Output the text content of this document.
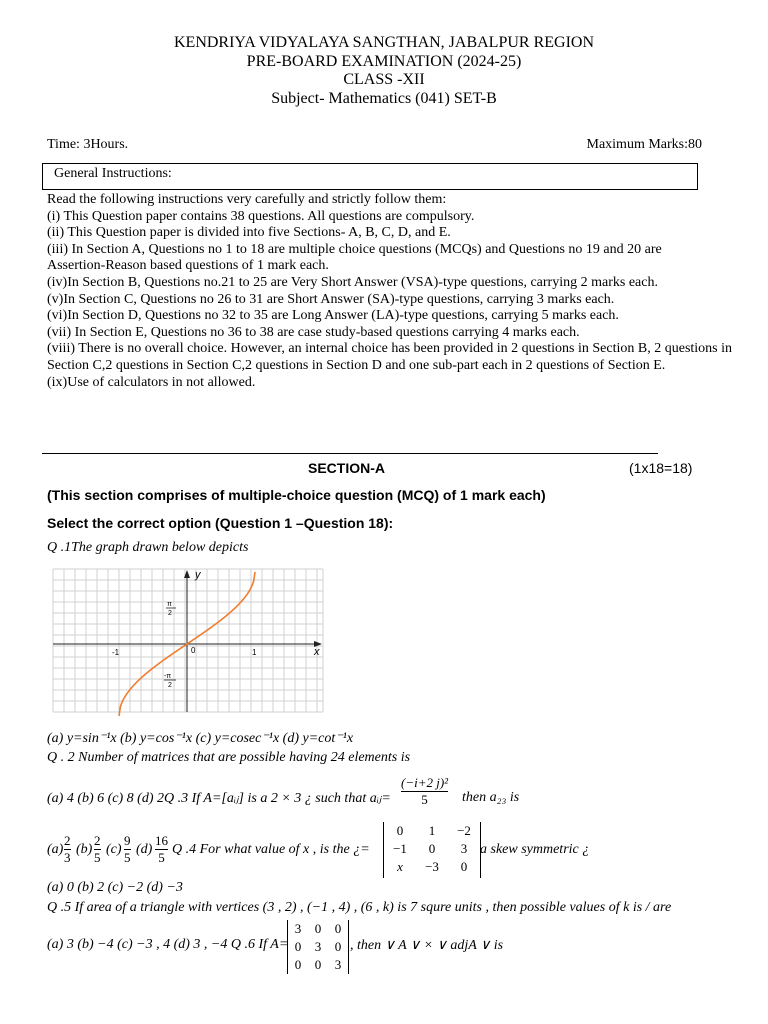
KENDRIYA VIDYALAYA SANGTHAN, JABALPUR REGION
PRE-BOARD EXAMINATION (2024-25)
CLASS -XII
Subject- Mathematics (041) SET-B
Time: 3Hours.	Maximum Marks:80
General Instructions:
Read the following instructions very carefully and strictly follow them:
(i) This Question paper contains 38 questions. All questions are compulsory.
(ii) This Question paper is divided into five Sections- A, B, C, D, and E.
(iii) In Section A, Questions no 1 to 18 are multiple choice questions (MCQs) and Questions no 19 and 20 are
Assertion-Reason based questions of 1 mark each.
(iv)In Section B, Questions no.21 to 25 are Very Short Answer (VSA)-type questions, carrying 2 marks each.
(v)In Section C, Questions no 26 to 31 are Short Answer (SA)-type questions, carrying 3 marks each.
(vi)In Section D, Questions no 32 to 35 are Long Answer (LA)-type questions, carrying 5 marks each.
(vii) In Section E, Questions no 36 to 38 are case study-based questions carrying 4 marks each.
(viii) There is no overall choice. However, an internal choice has been provided in 2 questions in Section B, 2 questions in Section C,2 questions in Section C,2 questions in Section D and one sub-part each in 2 questions of Section E.
(ix)Use of calculators in not allowed.
SECTION-A	(1x18=18)
(This section comprises of multiple-choice question (MCQ) of 1 mark each)
Select the correct option (Question 1 –Question 18):
Q .1The graph drawn below depicts
y
x
-1	0	1
π
2
-π
2
(a) y=sin⁻¹x (b) y=cos⁻¹x (c) y=cosec⁻¹x (d) y=cot⁻¹x
Q . 2 Number of matrices that are possible having 24 elements is
(a) 4 (b) 6 (c) 8 (d) 2Q .3 If A=[aᵢⱼ] is a 2 × 3 ¿ such that aᵢⱼ= $\frac{\text{(−i+2 j)²}}{5}$ then a₂₃ is
$(a) \frac{2}{3} (b) \frac{2}{5} (c) \frac{9}{5} (d) \frac{16}{5}$ Q .4 For what value of x , is the ¿=
0	1	−2
−1	0	3
x	−3	0
a skew symmetric ¿
(a) 0 (b) 2 (c) −2 (d) −3
Q .5 If area of a triangle with vertices (3 , 2) , (−1 , 4) , (6 , k) is 7 squre units , then possible values of k is / are
(a) 3 (b) −4 (c) −3 , 4 (d) 3 , −4 Q .6 If A=
3	0	0
0	3	0
0	0	3
, then ∨ A ∨ × ∨ adjA ∨ is
